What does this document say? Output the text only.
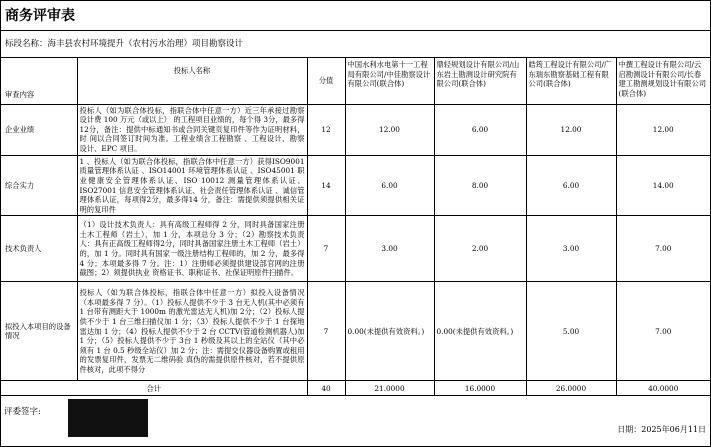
商务评审表
标段名称：海丰县农村环境提升（农村污水治理）项目勘察设计
审查内容	投标人名称	分值	中国水利水电第十一工程局有限公司/中佳勘察设计有限公司(联合体)	鼎轻规划设计有限公司/山东岩土勘测设计研究院有限公司(联合体)	皓筠工程设计有限公司/广东瑞东勘察基础工程有限公司(联合体)	中撰工程设计有限公司/云启勘测设计有限公司/长春建工勘测规划设计有限公司(联合体)
企业业绩	投标人（如为联合体投标，指联合体中任意一方）近三年承接过勘察设计费 100 万元（或以上） 的工程项目业绩的，每个得 3分，最多得 12分，备注：提供中标通知书或合同关键页复印件等作为证明材料，时 间以合同签订时间为准。工程业绩含工程勘察 、工程设计、勘察 设计、EPC 项目。	12	12.00	6.00	12.00	12.00
综合实力	1 、投标人（如为联合体投标，指联合体中任意一方）获得ISO9001 质量管理体系认证 、ISO14001 环境管理体系认证 、ISO45001 职业健康安全管理体系认证、ISO 10012 测量管理体系认证、ISO27001 信息安全管理体系认证、社会责任管理体系认证 、诚信管理体系认证，每项得2分，最多得14 分，备注：需提供须提供相关证明的复印件	14	6.00	8.00	6.00	14.00
技术负责人	（1）设计技术负责人：具有高级工程师得 2 分，同时具备国家注册土木工程师（岩土），加 1 分，本项总分 3 分；（2）勘察技术负责人：具有正高级工程师得2分，同时具备国家注册土木工程师（岩土）的，加 1 分。同时具有国家一级注册结构工程师的，加 2 分，最多得 4 分；本项最多得 7 分。注：1）注册师必须提供建设部官网的注册截图；2）须提供执业 资格证书、职称证书、社保证明原件扫描件。	7	3.00	2.00	3.00	7.00
拟投入本项目的设备情况	投标人（如为联合体投标，指联合体中任意一方）拟投入设备情况（本项最多得 7 分）。（1）投标人提供不少于 3 台无人机(其中必须有 1 台带有测距大于 1000m 的激光雷达无人机)加 2分；（2）投标人提供不少于 1 台三维扫描仪加 1 分；（3）投标人提供不少于 1 台探地雷达加 1 分；（4）投标人提供不少于 2 台 CCTV(管道检测机器人)加 1 分；（5）投标人提供不少于 3台 1 秒级及其以上的全站仪（其中必 须有 1 台 0.5 秒级全站仪）加 2 分；注：需提交仪器设备购置或租用的发票复印件，发票无二维码验 真伪的需提供原件核对，若不提供原件核对，此项不得分	7	0.00(未提供有效资料。)	0.00(未提供有效资料。)	5.00	7.00
合计		40	21.0000	16.0000	26.0000	40.0000
评委签字:
日期：2025年06月11日
